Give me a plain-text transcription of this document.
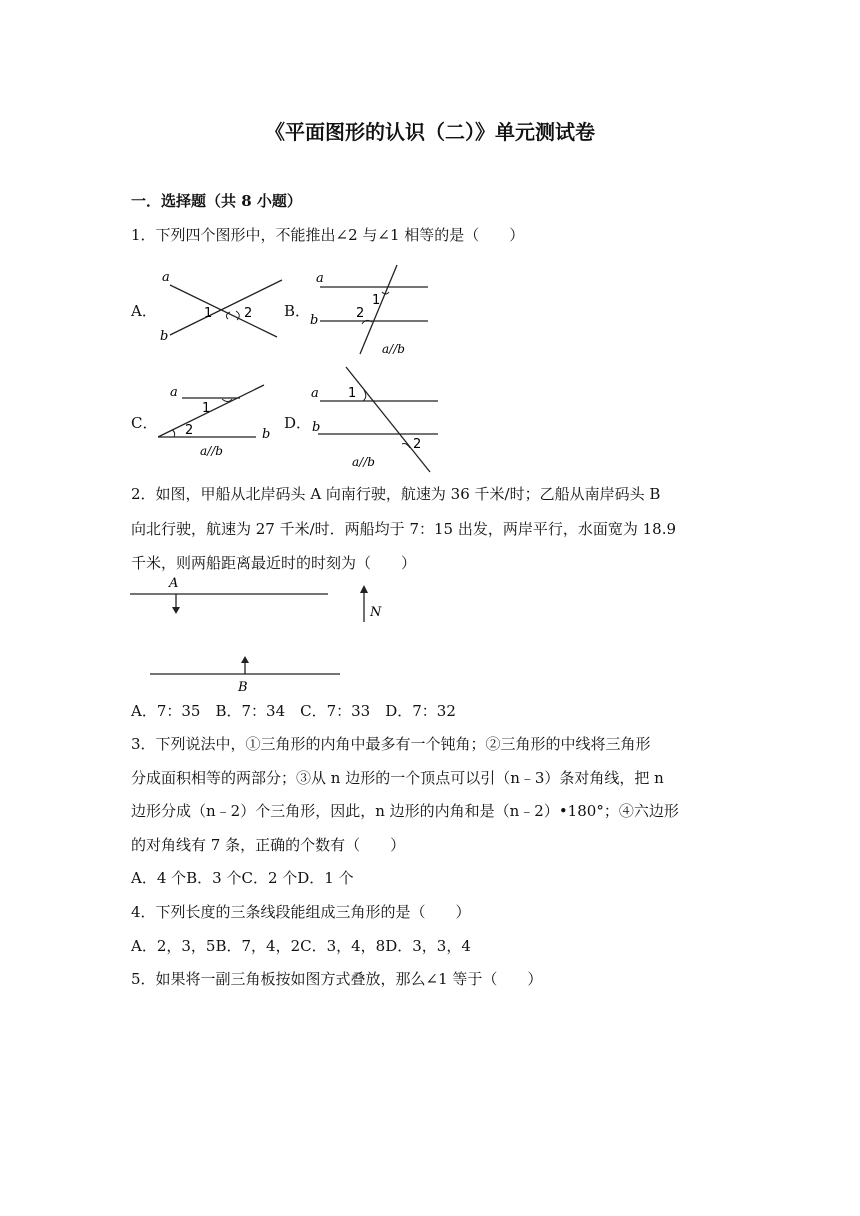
《平面图形的认识（二）》单元测试卷
一．选择题（共 8 小题）
1．下列四个图形中，不能推出∠2 与∠1 相等的是（　　）
A．
a
b
1 2 B．
a
b
1
2
a//b
C．
a
b
1
2
a//b
D．
a
b
1
2
a//b
2．如图，甲船从北岸码头 A 向南行驶，航速为 36 千米/时；乙船从南岸码头 B
向北行驶，航速为 27 千米/时．两船均于 7：15 出发，两岸平行，水面宽为 18.9
千米，则两船距离最近时的时刻为（　　）
A
B
N
A．7：35　B．7：34　C．7：33　D．7：32
3．下列说法中，①三角形的内角中最多有一个钝角；②三角形的中线将三角形
分成面积相等的两部分；③从 n 边形的一个顶点可以引（n﹣3）条对角线，把 n
边形分成（n﹣2）个三角形，因此，n 边形的内角和是（n﹣2）•180°；④六边形
的对角线有 7 条，正确的个数有（　　）
A．4 个B．3 个C．2 个D．1 个
4．下列长度的三条线段能组成三角形的是（　　）
A．2，3，5B．7，4，2C．3，4，8D．3，3，4
5．如果将一副三角板按如图方式叠放，那么∠1 等于（　　）
